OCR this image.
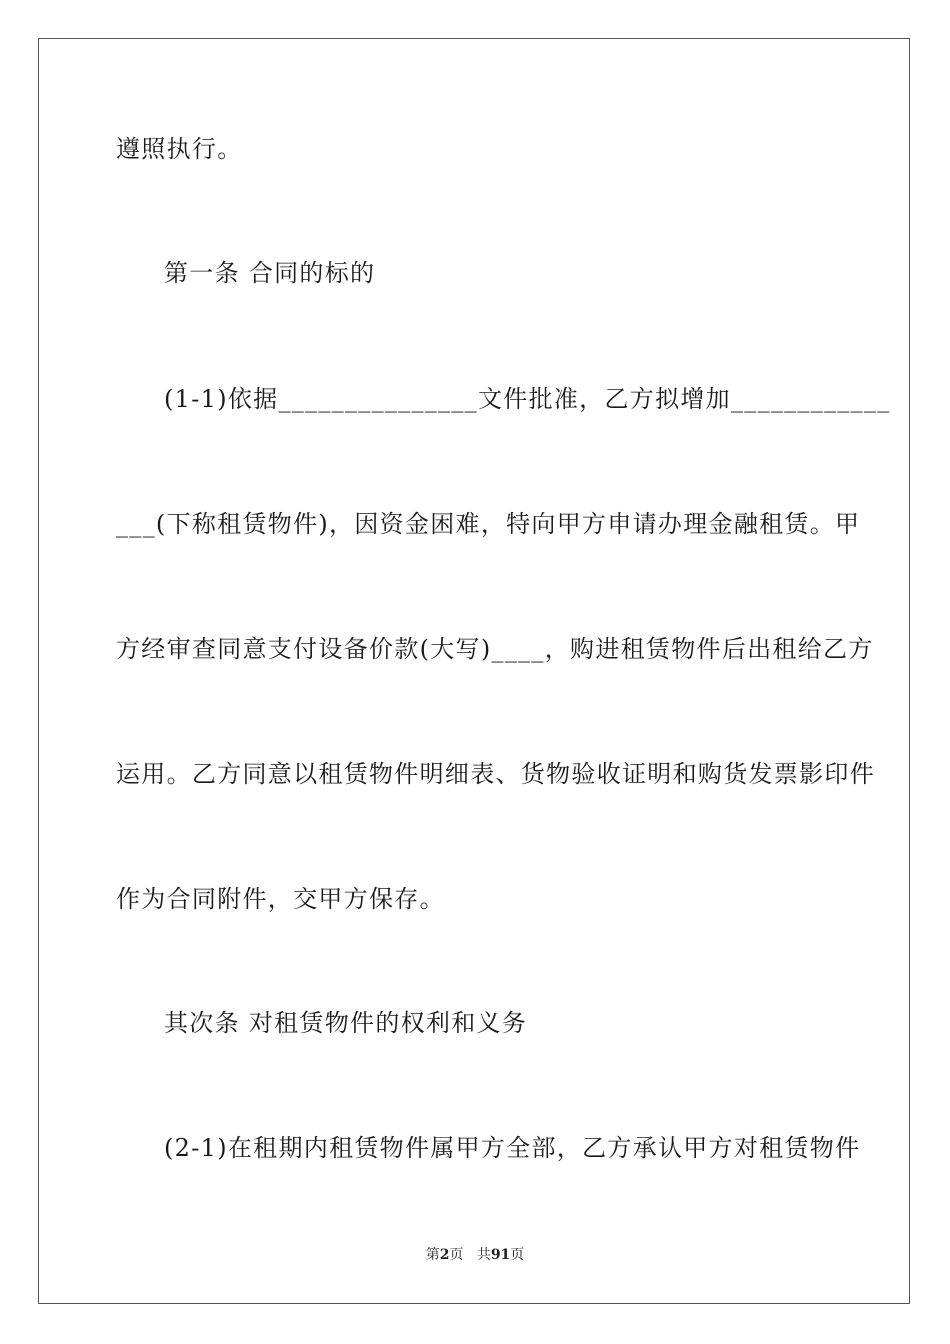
遵照执行。
第一条 合同的标的
(1-1)依据_______________文件批准，乙方拟增加____________
___(下称租赁物件)，因资金困难，特向甲方申请办理金融租赁。甲
方经审查同意支付设备价款(大写)____，购进租赁物件后出租给乙方
运用。乙方同意以租赁物件明细表、货物验收证明和购货发票影印件
作为合同附件，交甲方保存。
其次条 对租赁物件的权利和义务
(2-1)在租期内租赁物件属甲方全部，乙方承认甲方对租赁物件
第2页 共91页
